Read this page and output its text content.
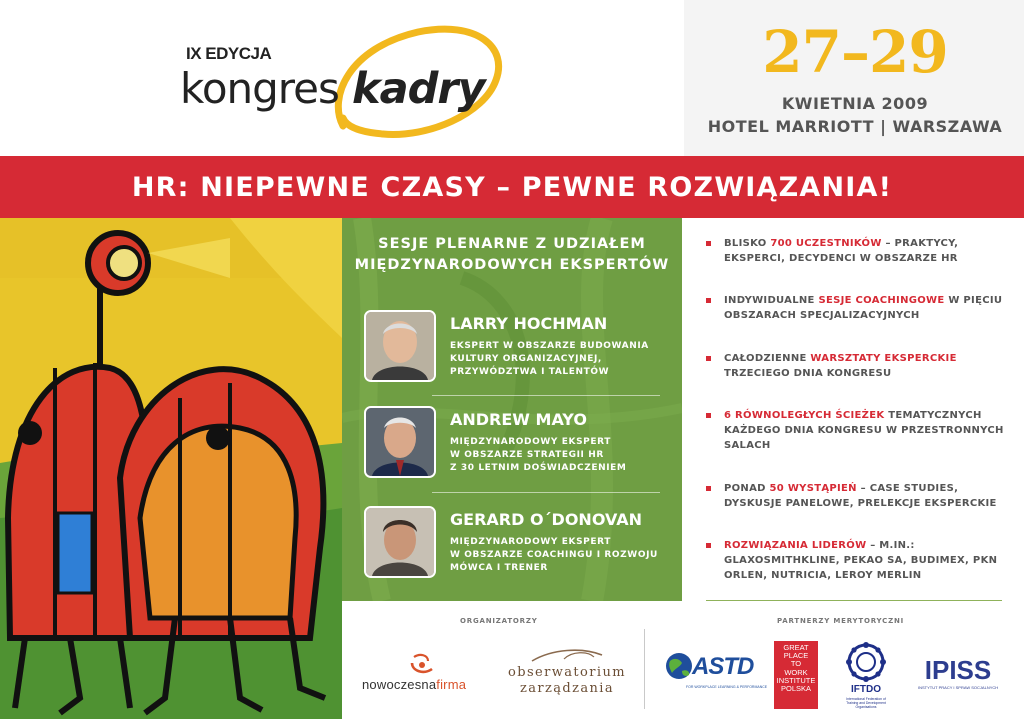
IX EDYCJA
kongres kadry
27–29
KWIETNIA 2009
HOTEL MARRIOTT | WARSZAWA
HR: NIEPEWNE CZASY – PEWNE ROZWIĄZANIA!
SESJE PLENARNE Z UDZIAŁEM MIĘDZYNARODOWYCH EKSPERTÓW
LARRY HOCHMAN
EKSPERT W OBSZARZE BUDOWANIA
KULTURY ORGANIZACYJNEJ,
PRZYWÓDZTWA I TALENTÓW
ANDREW MAYO
MIĘDZYNARODOWY EKSPERT
W OBSZARZE STRATEGII HR
Z 30 LETNIM DOŚWIADCZENIEM
GERARD O´DONOVAN
MIĘDZYNARODOWY EKSPERT
W OBSZARZE COACHINGU I ROZWOJU
MÓWCA I TRENER
BLISKO 700 UCZESTNIKÓW – PRAKTYCY, EKSPERCI, DECYDENCI W OBSZARZE HR
INDYWIDUALNE SESJE COACHINGOWE W PIĘCIU OBSZARACH SPECJALIZACYJNYCH
CAŁODZIENNE WARSZTATY EKSPERCKIE TRZECIEGO DNIA KONGRESU
6 RÓWNOLEGŁYCH ŚCIEŻEK TEMATYCZNYCH KAŻDEGO DNIA KONGRESU W PRZESTRONNYCH SALACH
PONAD 50 WYSTĄPIEŃ – CASE STUDIES, DYSKUSJE PANELOWE, PRELEKCJE EKSPERCKIE
ROZWIĄZANIA LIDERÓW – M.IN.: GLAXOSMITHKLINE, PEKAO SA, BUDIMEX, PKN ORLEN, NUTRICIA, LEROY MERLIN
ORGANIZATORZY	PARTNERZY MERYTORYCZNI
nowoczesnafirma
obserwatorium
zarządzania
ASTD
FOR WORKPLACE LEARNING & PERFORMANCE
GREAT
PLACE
TO
WORK
INSTITUTE
POLSKA	IFTDO
International Federation of
Training and Development
Organisations
IPISS
INSTYTUT PRACY I SPRAW SOCJALNYCH
